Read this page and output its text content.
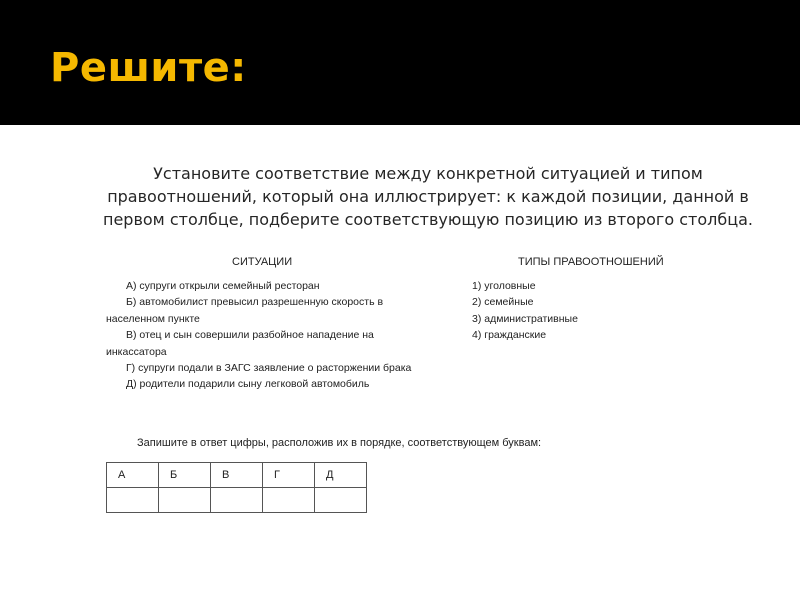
Решите:
Установите соответствие между конкретной ситуацией и типом правоотношений, который она иллюстрирует: к каждой позиции, данной в первом столбце, подберите соответствующую позицию из второго столбца.
СИТУАЦИИ	ТИПЫ ПРАВООТНОШЕНИЙ
А) супруги открыли семейный ресторан
Б) автомобилист превысил разрешенную скорость в населенном пункте
В) отец и сын совершили разбойное нападение на инкассатора
Г) супруги подали в ЗАГС заявление о расторжении брака
Д) родители подарили сыну легковой автомобиль
1) уголовные
2) семейные
3) административные
4) гражданские
Запишите в ответ цифры, расположив их в порядке, соответствующем буквам:
А	Б	В	Г	Д
